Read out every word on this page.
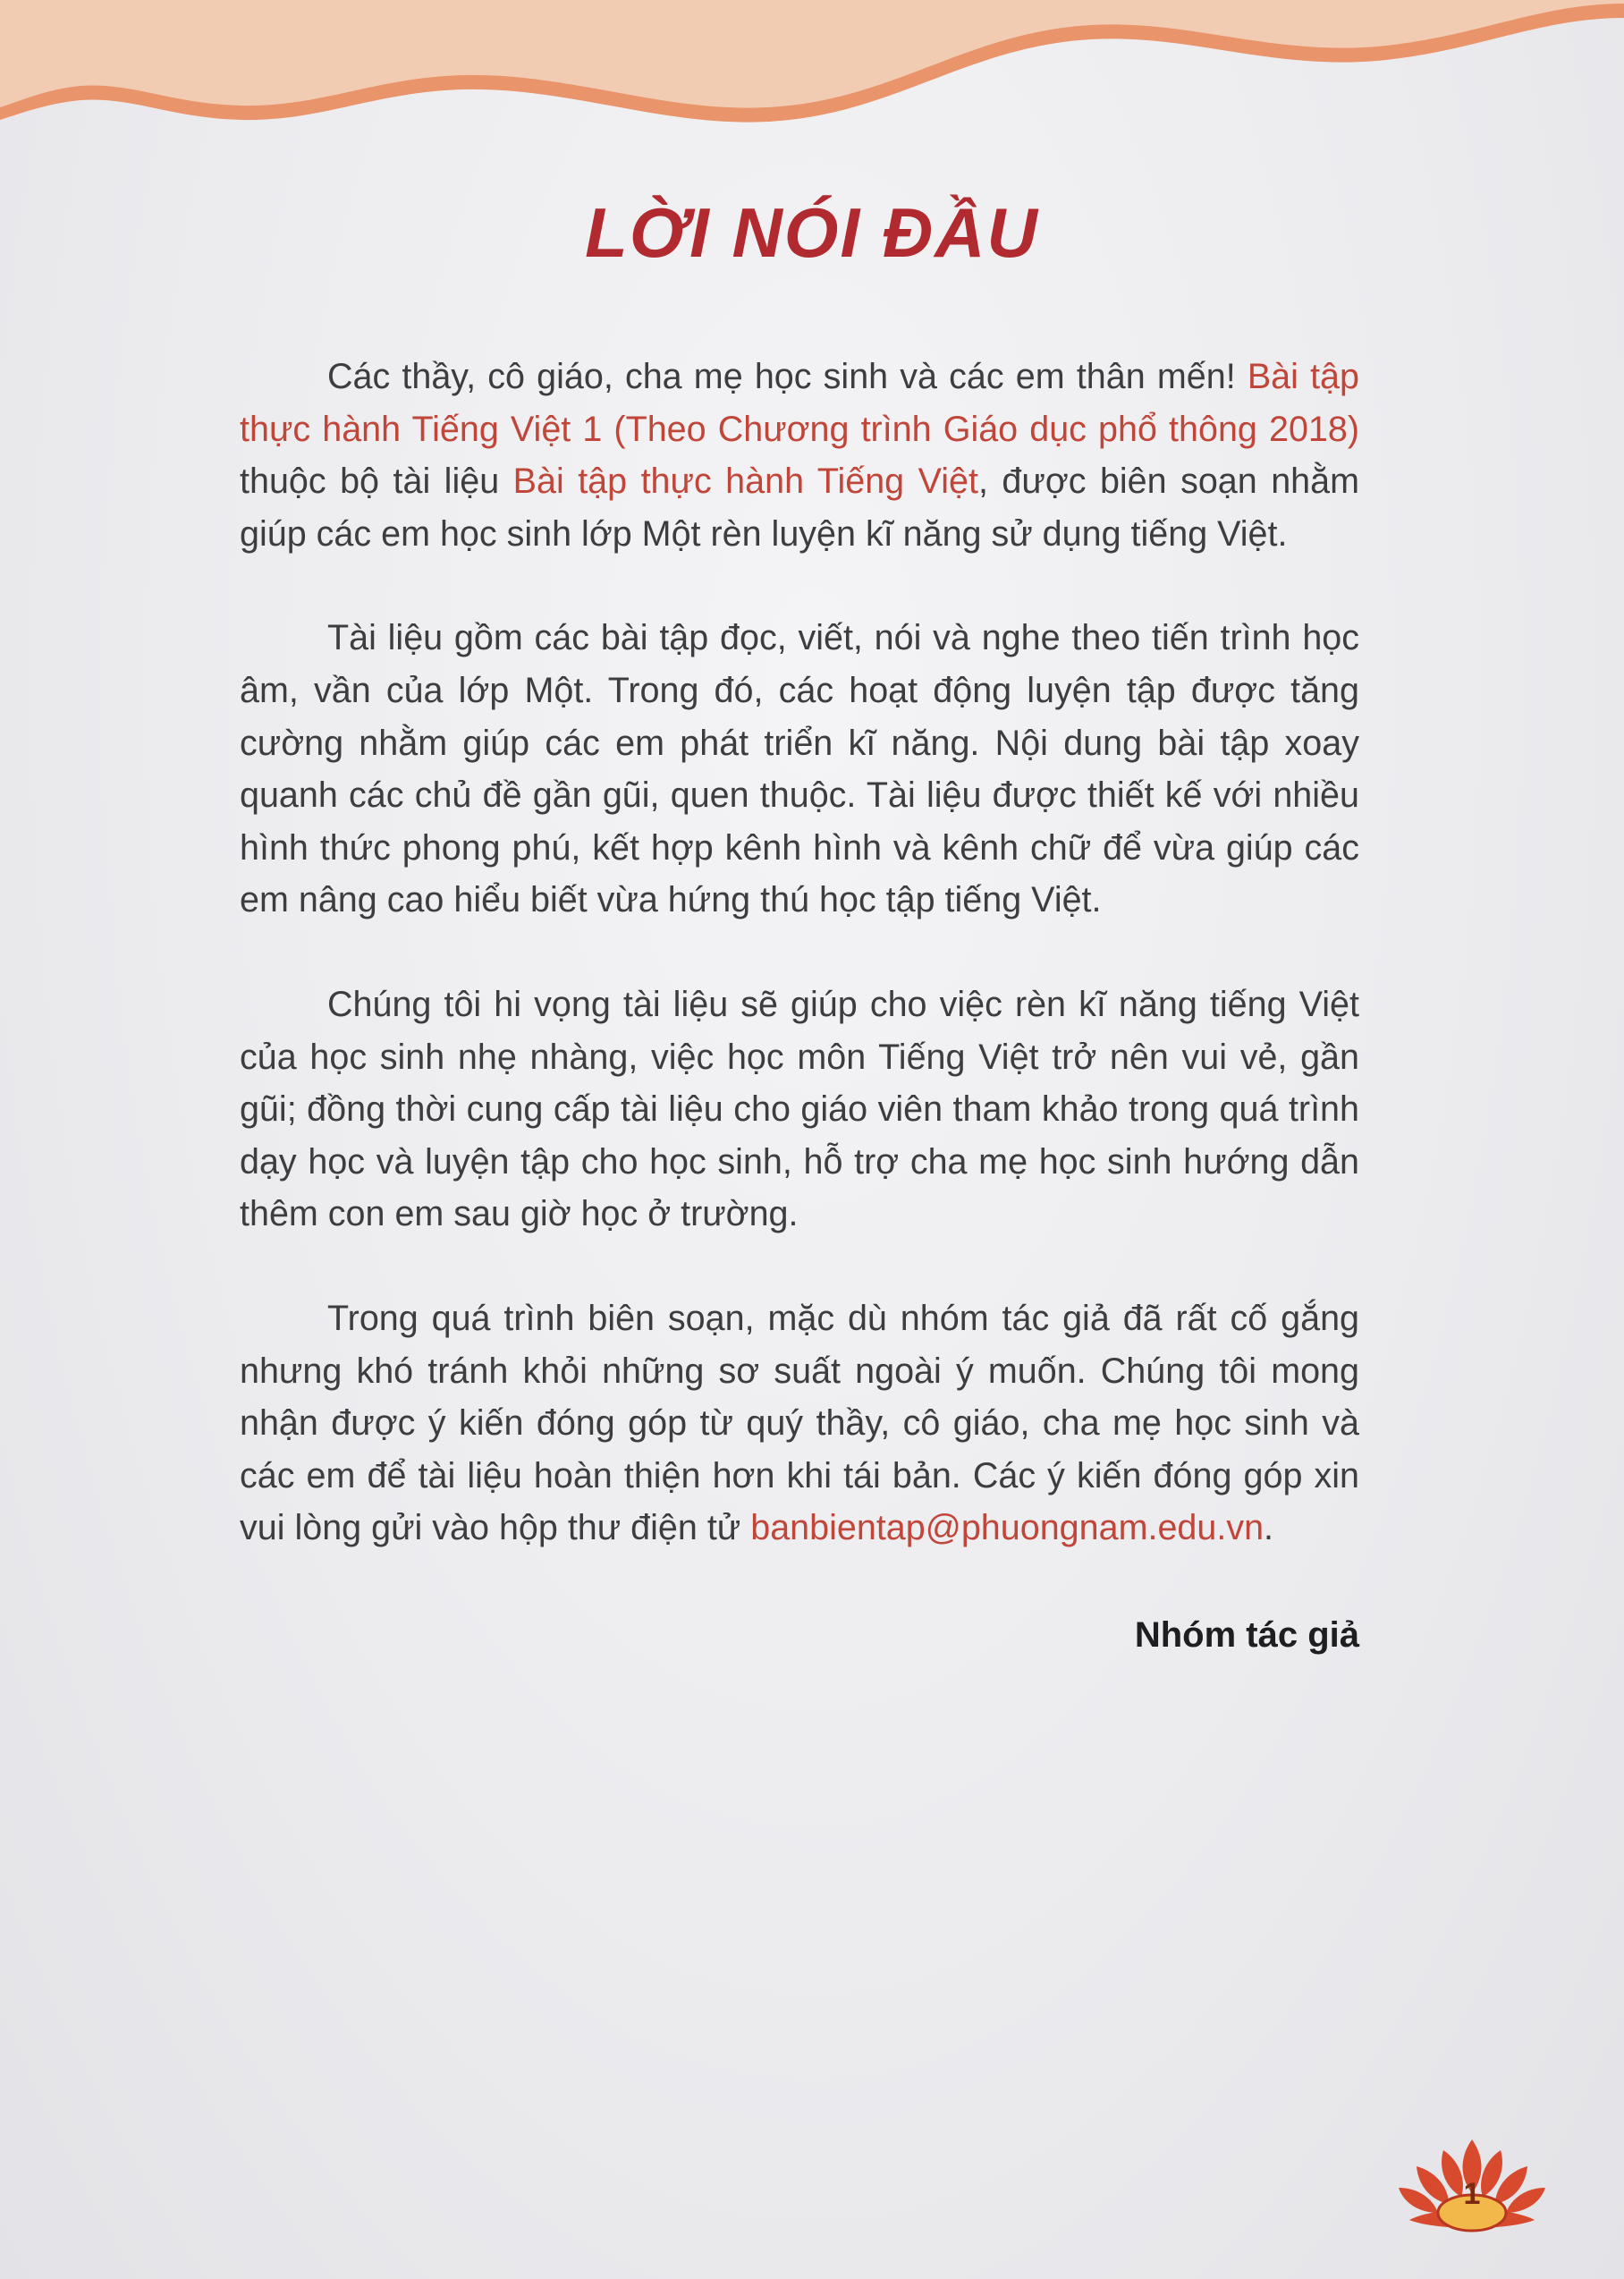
LỜI NÓI ĐẦU

Các thầy, cô giáo, cha mẹ học sinh và các em thân mến! Bài tập thực hành Tiếng Việt 1 (Theo Chương trình Giáo dục phổ thông 2018) thuộc bộ tài liệu Bài tập thực hành Tiếng Việt, được biên soạn nhằm giúp các em học sinh lớp Một rèn luyện kĩ năng sử dụng tiếng Việt.

Tài liệu gồm các bài tập đọc, viết, nói và nghe theo tiến trình học âm, vần của lớp Một. Trong đó, các hoạt động luyện tập được tăng cường nhằm giúp các em phát triển kĩ năng. Nội dung bài tập xoay quanh các chủ đề gần gũi, quen thuộc. Tài liệu được thiết kế với nhiều hình thức phong phú, kết hợp kênh hình và kênh chữ để vừa giúp các em nâng cao hiểu biết vừa hứng thú học tập tiếng Việt.

Chúng tôi hi vọng tài liệu sẽ giúp cho việc rèn kĩ năng tiếng Việt của học sinh nhẹ nhàng, việc học môn Tiếng Việt trở nên vui vẻ, gần gũi; đồng thời cung cấp tài liệu cho giáo viên tham khảo trong quá trình dạy học và luyện tập cho học sinh, hỗ trợ cha mẹ học sinh hướng dẫn thêm con em sau giờ học ở trường.

Trong quá trình biên soạn, mặc dù nhóm tác giả đã rất cố gắng nhưng khó tránh khỏi những sơ suất ngoài ý muốn. Chúng tôi mong nhận được ý kiến đóng góp từ quý thầy, cô giáo, cha mẹ học sinh và các em để tài liệu hoàn thiện hơn khi tái bản. Các ý kiến đóng góp xin vui lòng gửi vào hộp thư điện tử banbientap@phuongnam.edu.vn.

Nhóm tác giả
1
